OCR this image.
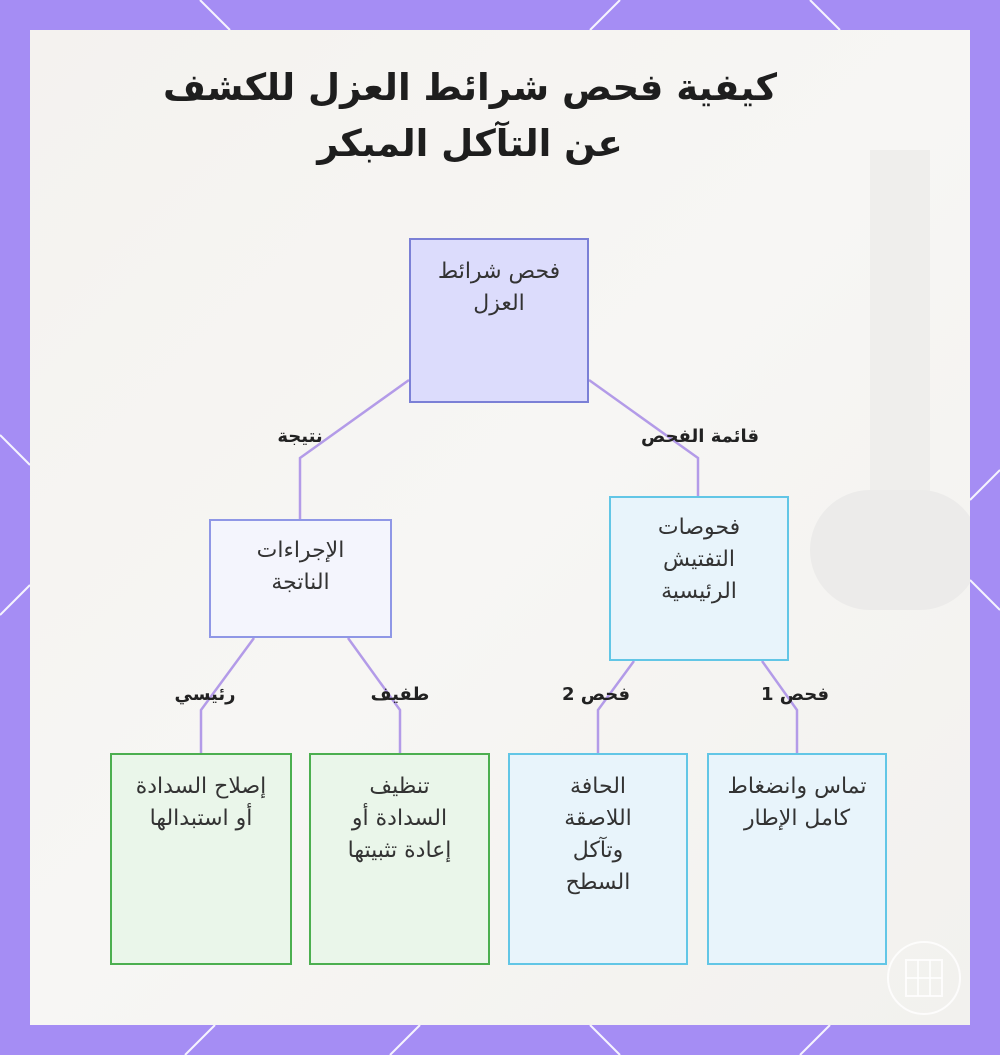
كيفية فحص شرائط العزل للكشف عن التآكل المبكر
فحص شرائط العزل
فحوصات التفتيش الرئيسية
الإجراءات الناتجة
تماس وانضغاط كامل الإطار
الحافة اللاصقة وتآكل السطح
تنظيف السدادة أو إعادة تثبيتها
إصلاح السدادة أو استبدالها
قائمة الفحص
نتيجة
فحص 1
فحص 2
طفيف
رئيسي
